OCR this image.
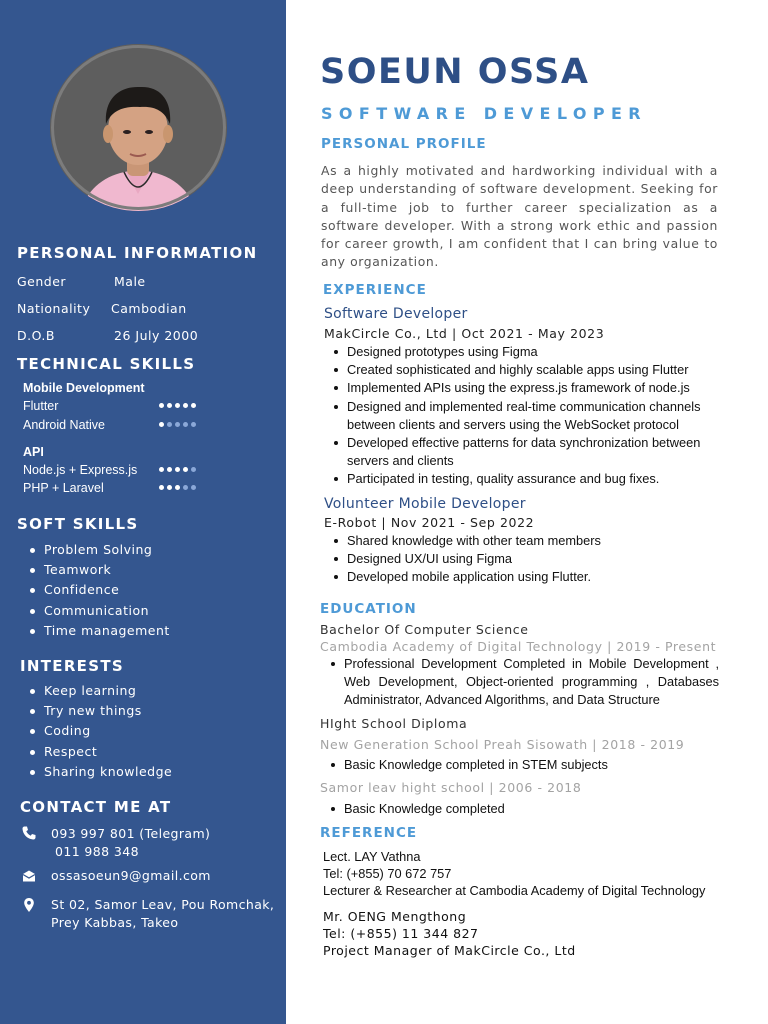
PERSONAL INFORMATION
Gender	Male
Nationality Cambodian
D.O.B	26 July 2000
TECHNICAL SKILLS
Mobile Development
Flutter
Android Native
API
Node.js + Express.js
PHP + Laravel
SOFT SKILLS
Problem Solving
Teamwork
Confidence
Communication
Time management
INTERESTS
Keep learning
Try new things
Coding
Respect
Sharing knowledge
CONTACT ME AT
093 997 801 (Telegram)
011 988 348
ossasoeun9@gmail.com
St 02, Samor Leav, Pou Romchak,
Prey Kabbas, Takeo
SOEUN OSSA
SOFTWARE DEVELOPER
PERSONAL PROFILE

As a highly motivated and hardworking individual with a deep understanding of software development. Seeking for a full-time job to further career specialization as a software developer. With a strong work ethic and passion for career growth, I am confident that I can bring value to any organization.

EXPERIENCE
Software Developer
MakCircle Co., Ltd | Oct 2021 - May 2023
Designed prototypes using Figma
Created sophisticated and highly scalable apps using Flutter
Implemented APIs using the express.js framework of node.js
Designed and implemented real-time communication channels between clients and servers using the WebSocket protocol
Developed effective patterns for data synchronization between servers and clients
Participated in testing, quality assurance and bug fixes.
Volunteer Mobile Developer
E-Robot | Nov 2021 - Sep 2022
Shared knowledge with other team members
Designed UX/UI using Figma
Developed mobile application using Flutter.
EDUCATION
Bachelor Of Computer Science
Cambodia Academy of Digital Technology | 2019 - Present
Professional Development Completed in Mobile Development , Web Development, Object-oriented programming , Databases Administrator, Advanced Algorithms, and Data Structure
HIght School Diploma
New Generation School Preah Sisowath | 2018 - 2019
Basic Knowledge completed in STEM subjects
Samor leav hight school | 2006 - 2018
Basic Knowledge completed
REFERENCE
Lect. LAY Vathna
Tel: (+855) 70 672 757
Lecturer & Researcher at Cambodia Academy of Digital Technology
Mr. OENG Mengthong
Tel: (+855) 11 344 827
Project Manager of MakCircle Co., Ltd
